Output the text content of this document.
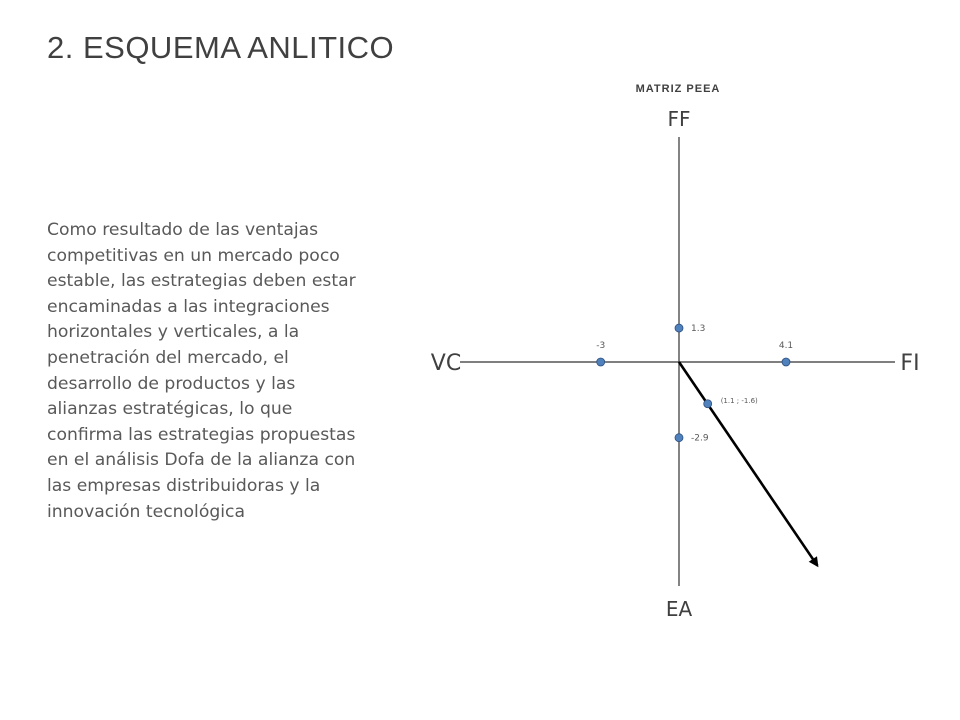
2. ESQUEMA ANLITICO
Como resultado de las ventajas competitivas en un mercado poco estable, las estrategias deben estar encaminadas a las integraciones horizontales y verticales, a la penetración del mercado, el desarrollo de productos y las alianzas estratégicas, lo que confirma las estrategias propuestas en el análisis Dofa de la alianza con las empresas distribuidoras y la innovación tecnológica
MATRIZ PEEA
FF
EA
VC	FI
1.3
4.1
-3
(1.1 ; -1.6)
-2.9
